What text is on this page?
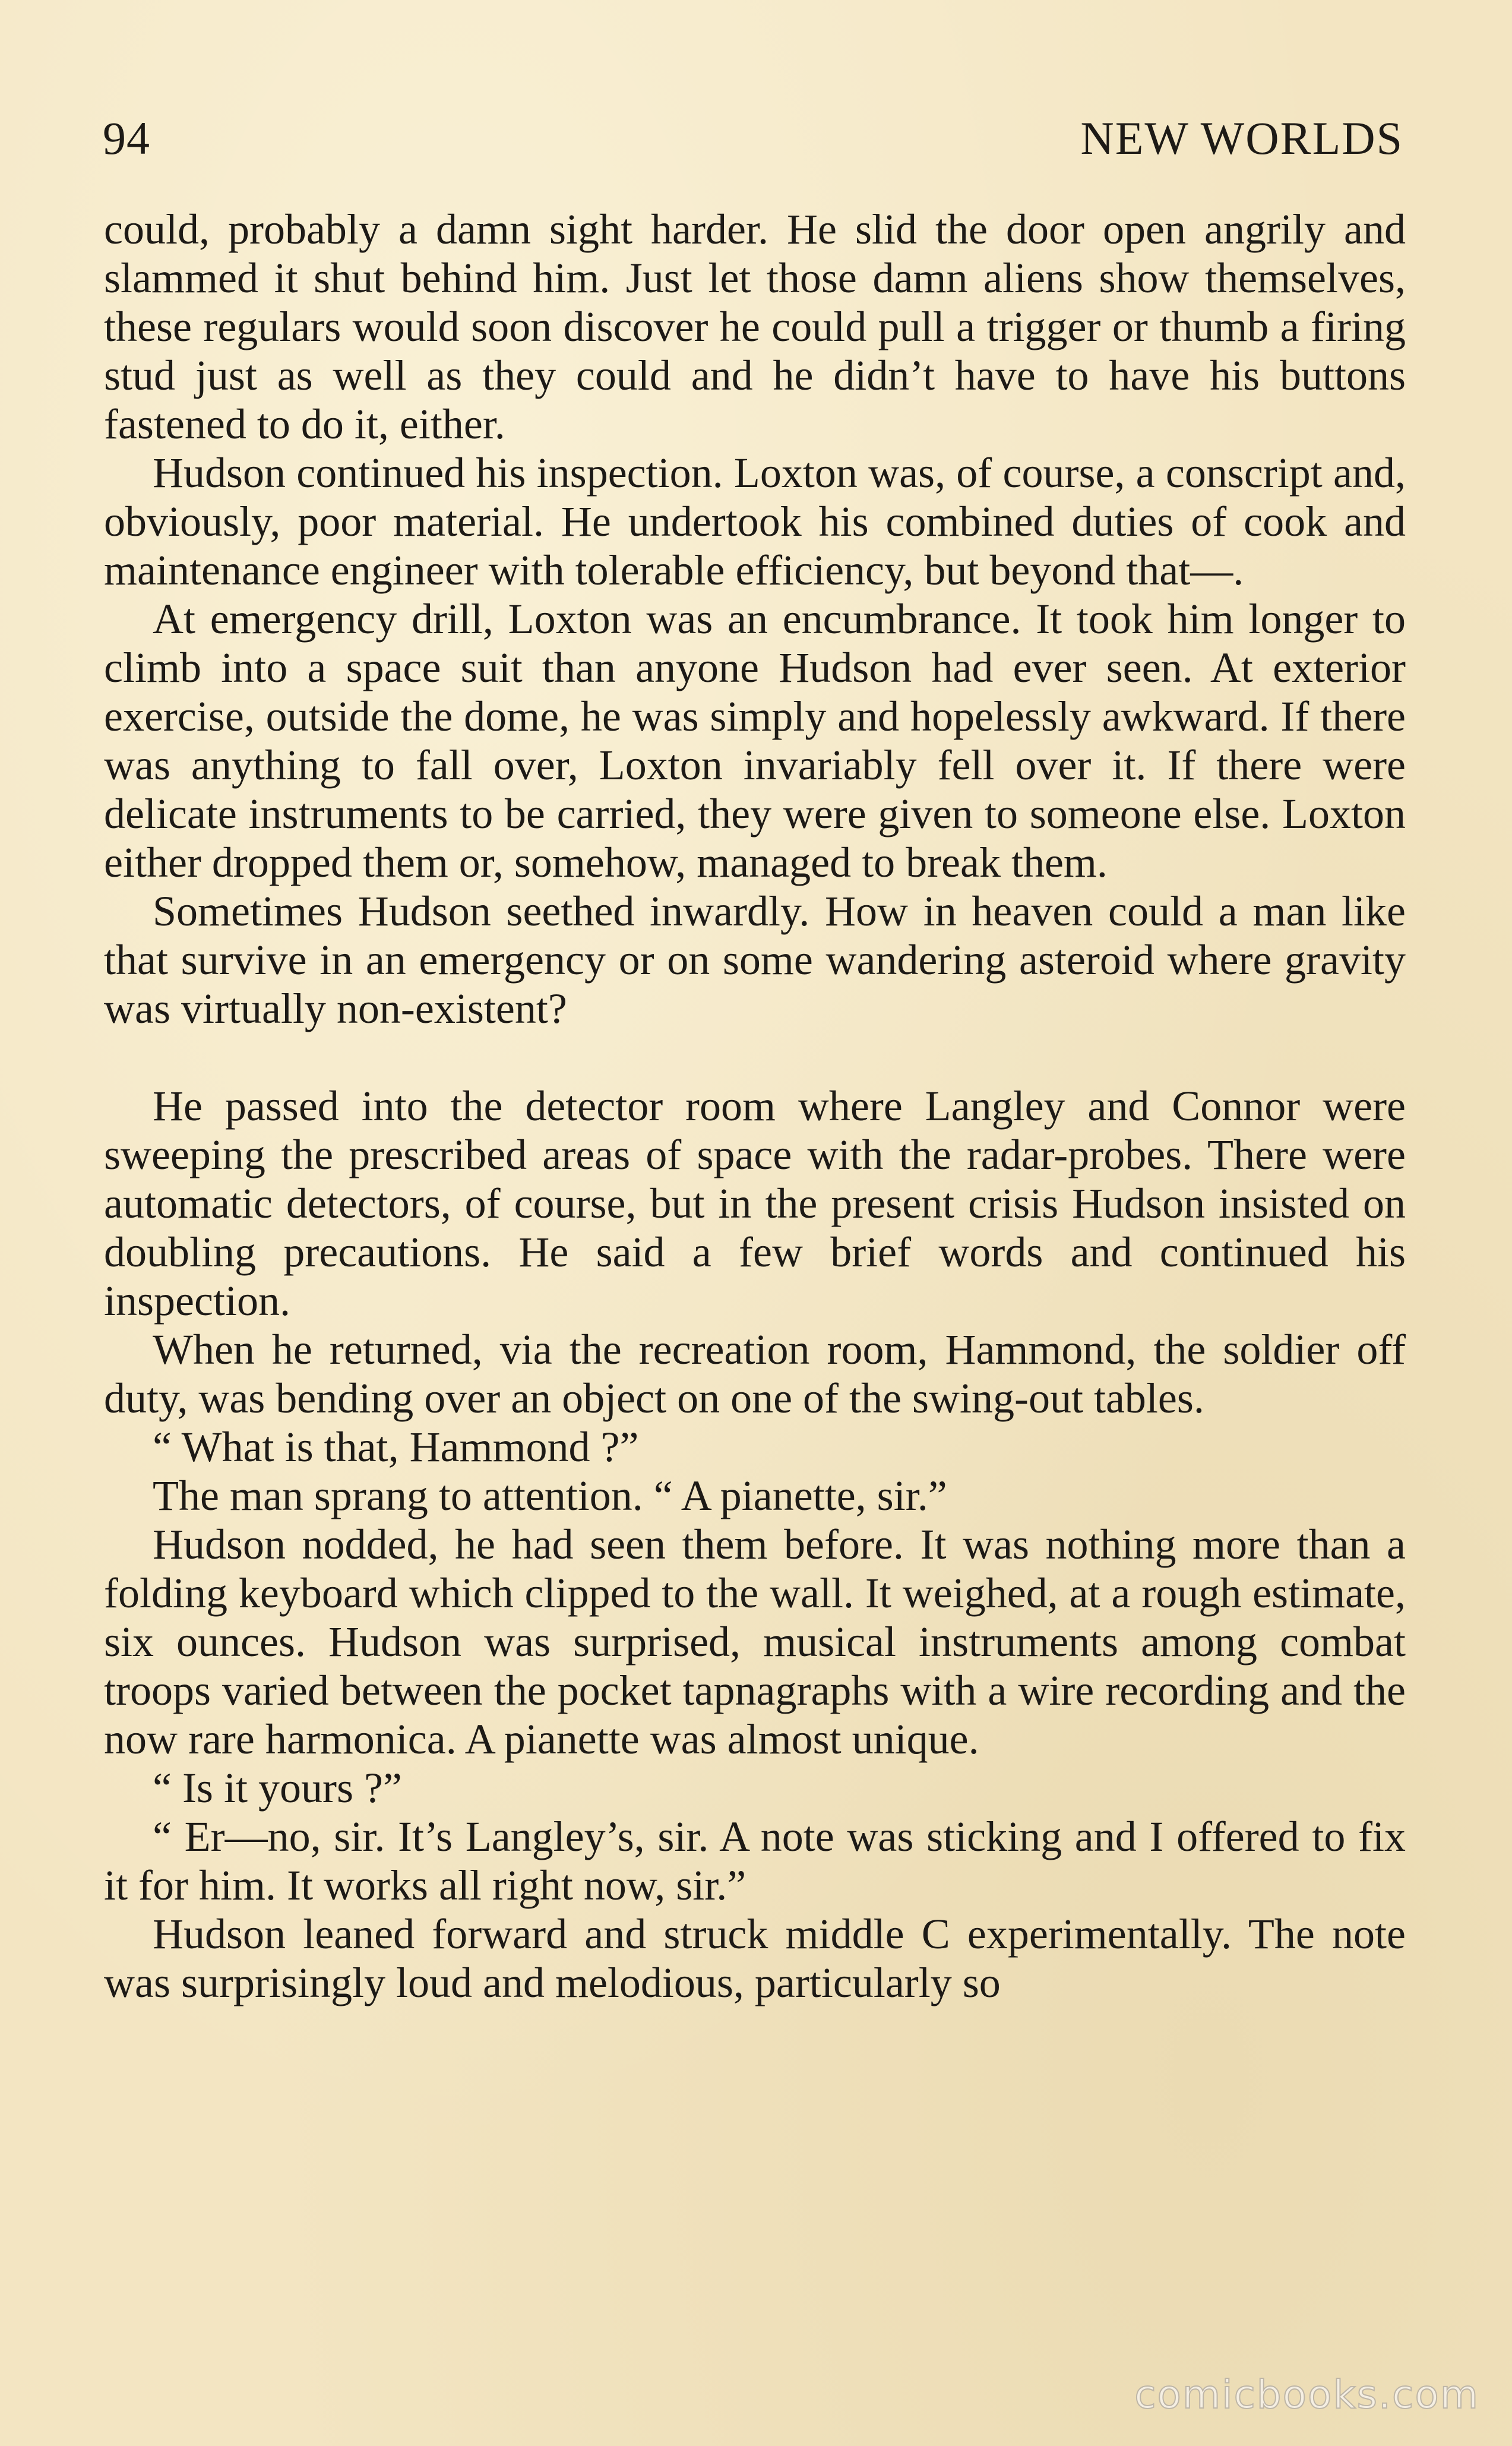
94	NEW WORLDS

could, probably a damn sight harder. He slid the door open angrily and slammed it shut behind him. Just let those damn aliens show themselves, these regulars would soon discover he could pull a trigger or thumb a firing stud just as well as they could and he didn’t have to have his buttons fastened to do it, either.

Hudson continued his inspection. Loxton was, of course, a conscript and, obviously, poor material. He undertook his combined duties of cook and maintenance engineer with tolerable efficiency, but beyond that—.

At emergency drill, Loxton was an encumbrance. It took him longer to climb into a space suit than anyone Hudson had ever seen. At exterior exercise, outside the dome, he was simply and hopelessly awkward. If there was anything to fall over, Loxton invariably fell over it. If there were delicate instruments to be carried, they were given to someone else. Loxton either dropped them or, somehow, managed to break them.

Sometimes Hudson seethed inwardly. How in heaven could a man like that survive in an emergency or on some wandering asteroid where gravity was virtually non-existent?

He passed into the detector room where Langley and Connor were sweeping the prescribed areas of space with the radar-probes. There were automatic detectors, of course, but in the present crisis Hudson insisted on doubling precautions. He said a few brief words and continued his inspection.

When he returned, via the recreation room, Hammond, the soldier off duty, was bending over an object on one of the swing-out tables.

“ What is that, Hammond ?”

The man sprang to attention. “ A pianette, sir.”

Hudson nodded, he had seen them before. It was nothing more than a folding keyboard which clipped to the wall. It weighed, at a rough estimate, six ounces. Hudson was surprised, musical instruments among combat troops varied between the pocket tapnagraphs with a wire recording and the now rare harmonica. A pianette was almost unique.

“ Is it yours ?”

“ Er—no, sir. It’s Langley’s, sir. A note was sticking and I offered to fix it for him. It works all right now, sir.”

Hudson leaned forward and struck middle C experimentally. The note was surprisingly loud and melodious, particularly so

comicbooks.com
